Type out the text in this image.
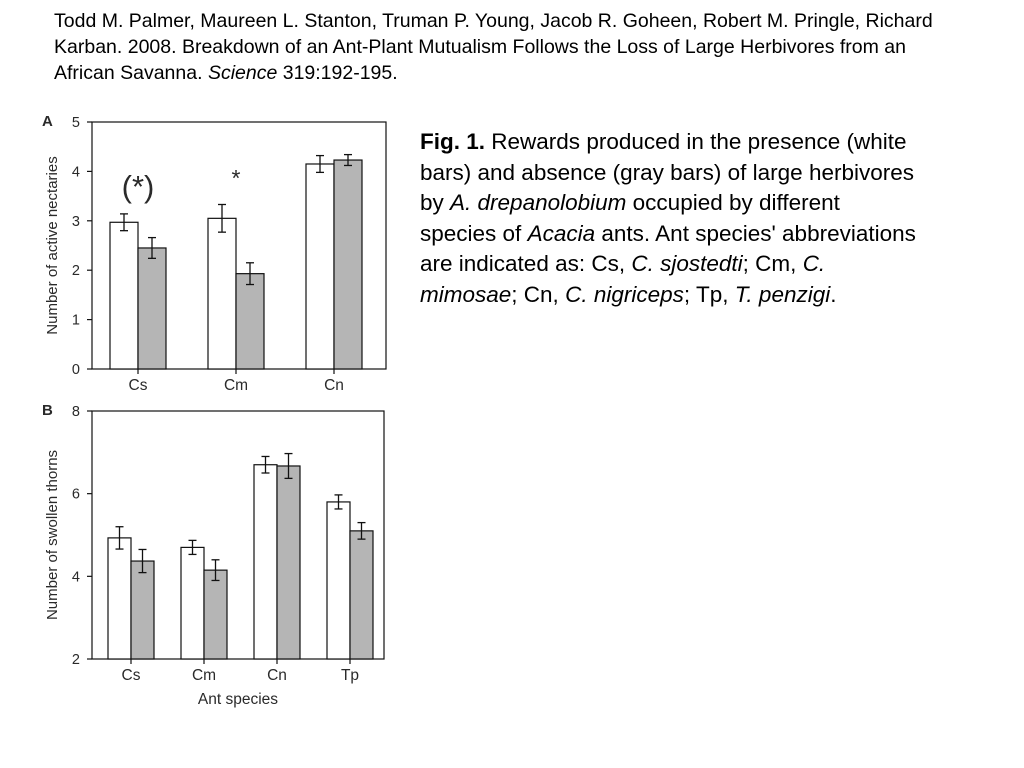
Todd M. Palmer, Maureen L. Stanton, Truman P. Young, Jacob R. Goheen, Robert M. Pringle, Richard Karban. 2008. Breakdown of an Ant-Plant Mutualism Follows the Loss of Large Herbivores from an African Savanna. Science 319:192-195.
Fig. 1. Rewards produced in the presence (white bars) and absence (gray bars) of large herbivores by A. drepanolobium occupied by different species of Acacia ants. Ant species' abbreviations are indicated as: Cs, C. sjostedti; Cm, C. mimosae; Cn, C. nigriceps; Tp, T. penzigi.
A
0
1
2
3
4
5
Number of active nectaries
Cs
(*)
Cm
*
Cn
B
2
4
6
8
Number of swollen thorns
Cs	Cm	Cn	Tp
Ant species
